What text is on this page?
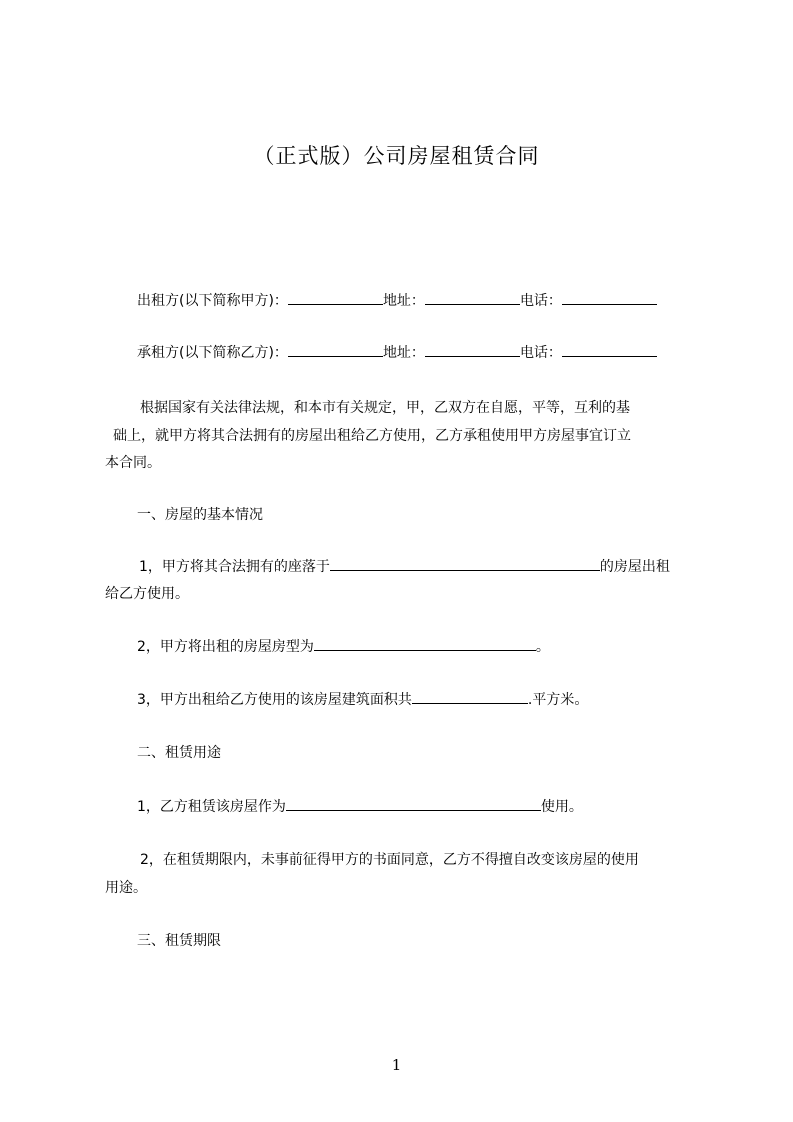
（正式版）公司房屋租赁合同
出租方(以下简称甲方)：	地址：	电话：
承租方(以下简称乙方)：	地址：	电话：
根据国家有关法律法规，和本市有关规定，甲，乙双方在自愿，平等，互利的基
础上，就甲方将其合法拥有的房屋出租给乙方使用，乙方承租使用甲方房屋事宜订立
本合同。
一、房屋的基本情况
1，甲方将其合法拥有的座落于	的房屋出租
给乙方使用。
2，甲方将出租的房屋房型为	。
3，甲方出租给乙方使用的该房屋建筑面积共	.平方米。
二、租赁用途
1，乙方租赁该房屋作为	使用。
2，在租赁期限内，未事前征得甲方的书面同意，乙方不得擅自改变该房屋的使用
用途。
三、租赁期限
1
